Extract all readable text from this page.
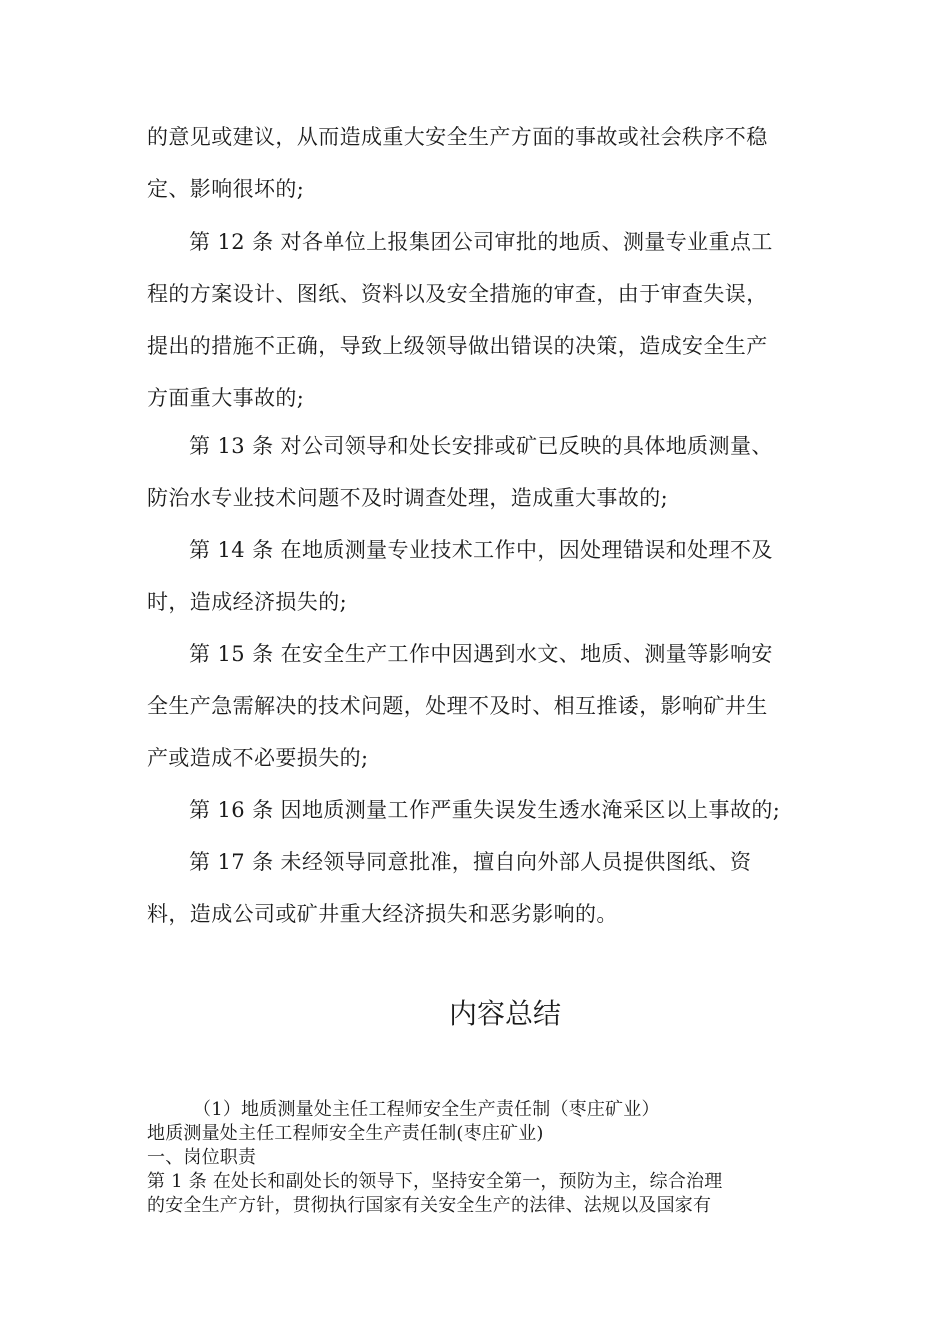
的意见或建议，从而造成重大安全生产方面的事故或社会秩序不稳
定、影响很坏的;
第 12 条 对各单位上报集团公司审批的地质、测量专业重点工
程的方案设计、图纸、资料以及安全措施的审查，由于审查失误，
提出的措施不正确，导致上级领导做出错误的决策，造成安全生产
方面重大事故的;
第 13 条 对公司领导和处长安排或矿已反映的具体地质测量、
防治水专业技术问题不及时调查处理，造成重大事故的;
第 14 条 在地质测量专业技术工作中，因处理错误和处理不及
时，造成经济损失的;
第 15 条 在安全生产工作中因遇到水文、地质、测量等影响安
全生产急需解决的技术问题，处理不及时、相互推诿，影响矿井生
产或造成不必要损失的;
第 16 条 因地质测量工作严重失误发生透水淹采区以上事故的;
第 17 条 未经领导同意批准，擅自向外部人员提供图纸、资
料，造成公司或矿井重大经济损失和恶劣影响的。
内容总结
（1）地质测量处主任工程师安全生产责任制（枣庄矿业）
地质测量处主任工程师安全生产责任制(枣庄矿业)
一、岗位职责
第 1 条 在处长和副处长的领导下，坚持安全第一，预防为主，综合治理
的安全生产方针，贯彻执行国家有关安全生产的法律、法规以及国家有
